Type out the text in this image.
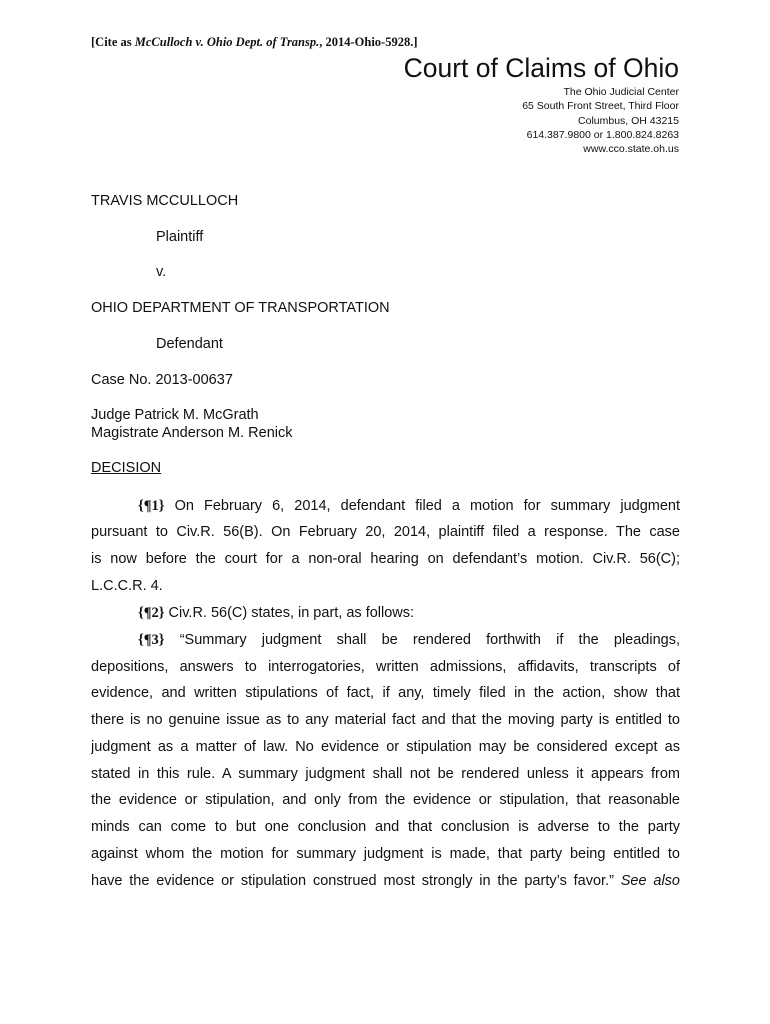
[Cite as McCulloch v. Ohio Dept. of Transp., 2014-Ohio-5928.]
Court of Claims of Ohio
The Ohio Judicial Center
65 South Front Street, Third Floor
Columbus, OH 43215
614.387.9800 or 1.800.824.8263
www.cco.state.oh.us
TRAVIS MCCULLOCH
Plaintiff
v.
OHIO DEPARTMENT OF TRANSPORTATION
Defendant
Case No. 2013-00637
Judge Patrick M. McGrath
Magistrate Anderson M. Renick
DECISION
{¶1} On February 6, 2014, defendant filed a motion for summary judgment
pursuant to Civ.R. 56(B). On February 20, 2014, plaintiff filed a response. The case
is now before the court for a non-oral hearing on defendant’s motion. Civ.R. 56(C);
L.C.C.R. 4.
{¶2} Civ.R. 56(C) states, in part, as follows:
{¶3} “Summary judgment shall be rendered forthwith if the pleadings,
depositions, answers to interrogatories, written admissions, affidavits, transcripts of
evidence, and written stipulations of fact, if any, timely filed in the action, show that
there is no genuine issue as to any material fact and that the moving party is entitled to
judgment as a matter of law. No evidence or stipulation may be considered except as
stated in this rule. A summary judgment shall not be rendered unless it appears from
the evidence or stipulation, and only from the evidence or stipulation, that reasonable
minds can come to but one conclusion and that conclusion is adverse to the party
against whom the motion for summary judgment is made, that party being entitled to
have the evidence or stipulation construed most strongly in the party’s favor.” See also
